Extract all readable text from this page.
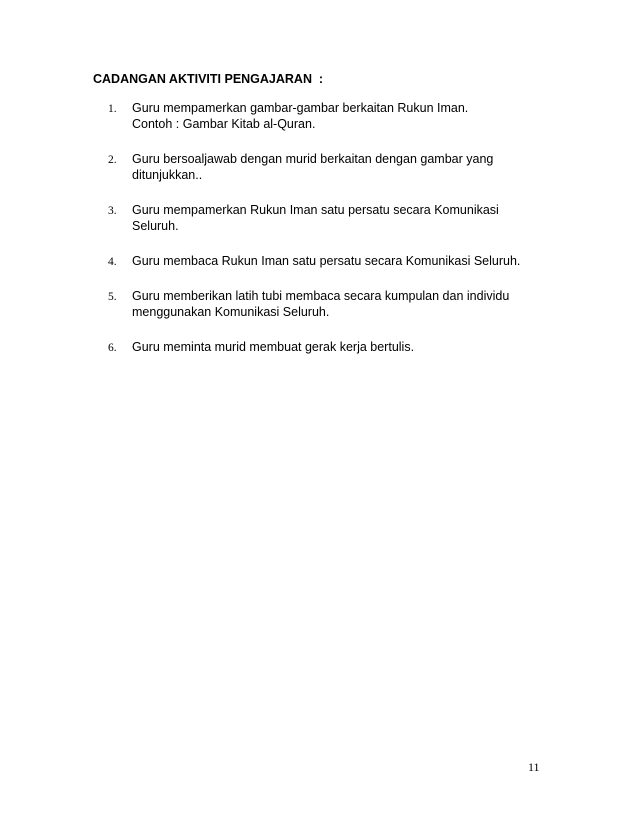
CADANGAN AKTIVITI PENGAJARAN  :
1. Guru mempamerkan gambar-gambar berkaitan Rukun Iman.
Contoh : Gambar Kitab al-Quran.
2. Guru bersoaljawab dengan murid berkaitan dengan gambar yang
ditunjukkan..
3. Guru mempamerkan Rukun Iman satu persatu secara Komunikasi
Seluruh.
4. Guru membaca Rukun Iman satu persatu secara Komunikasi Seluruh.
5. Guru memberikan latih tubi membaca secara kumpulan dan individu
menggunakan Komunikasi Seluruh.
6. Guru meminta murid membuat gerak kerja bertulis.
11
